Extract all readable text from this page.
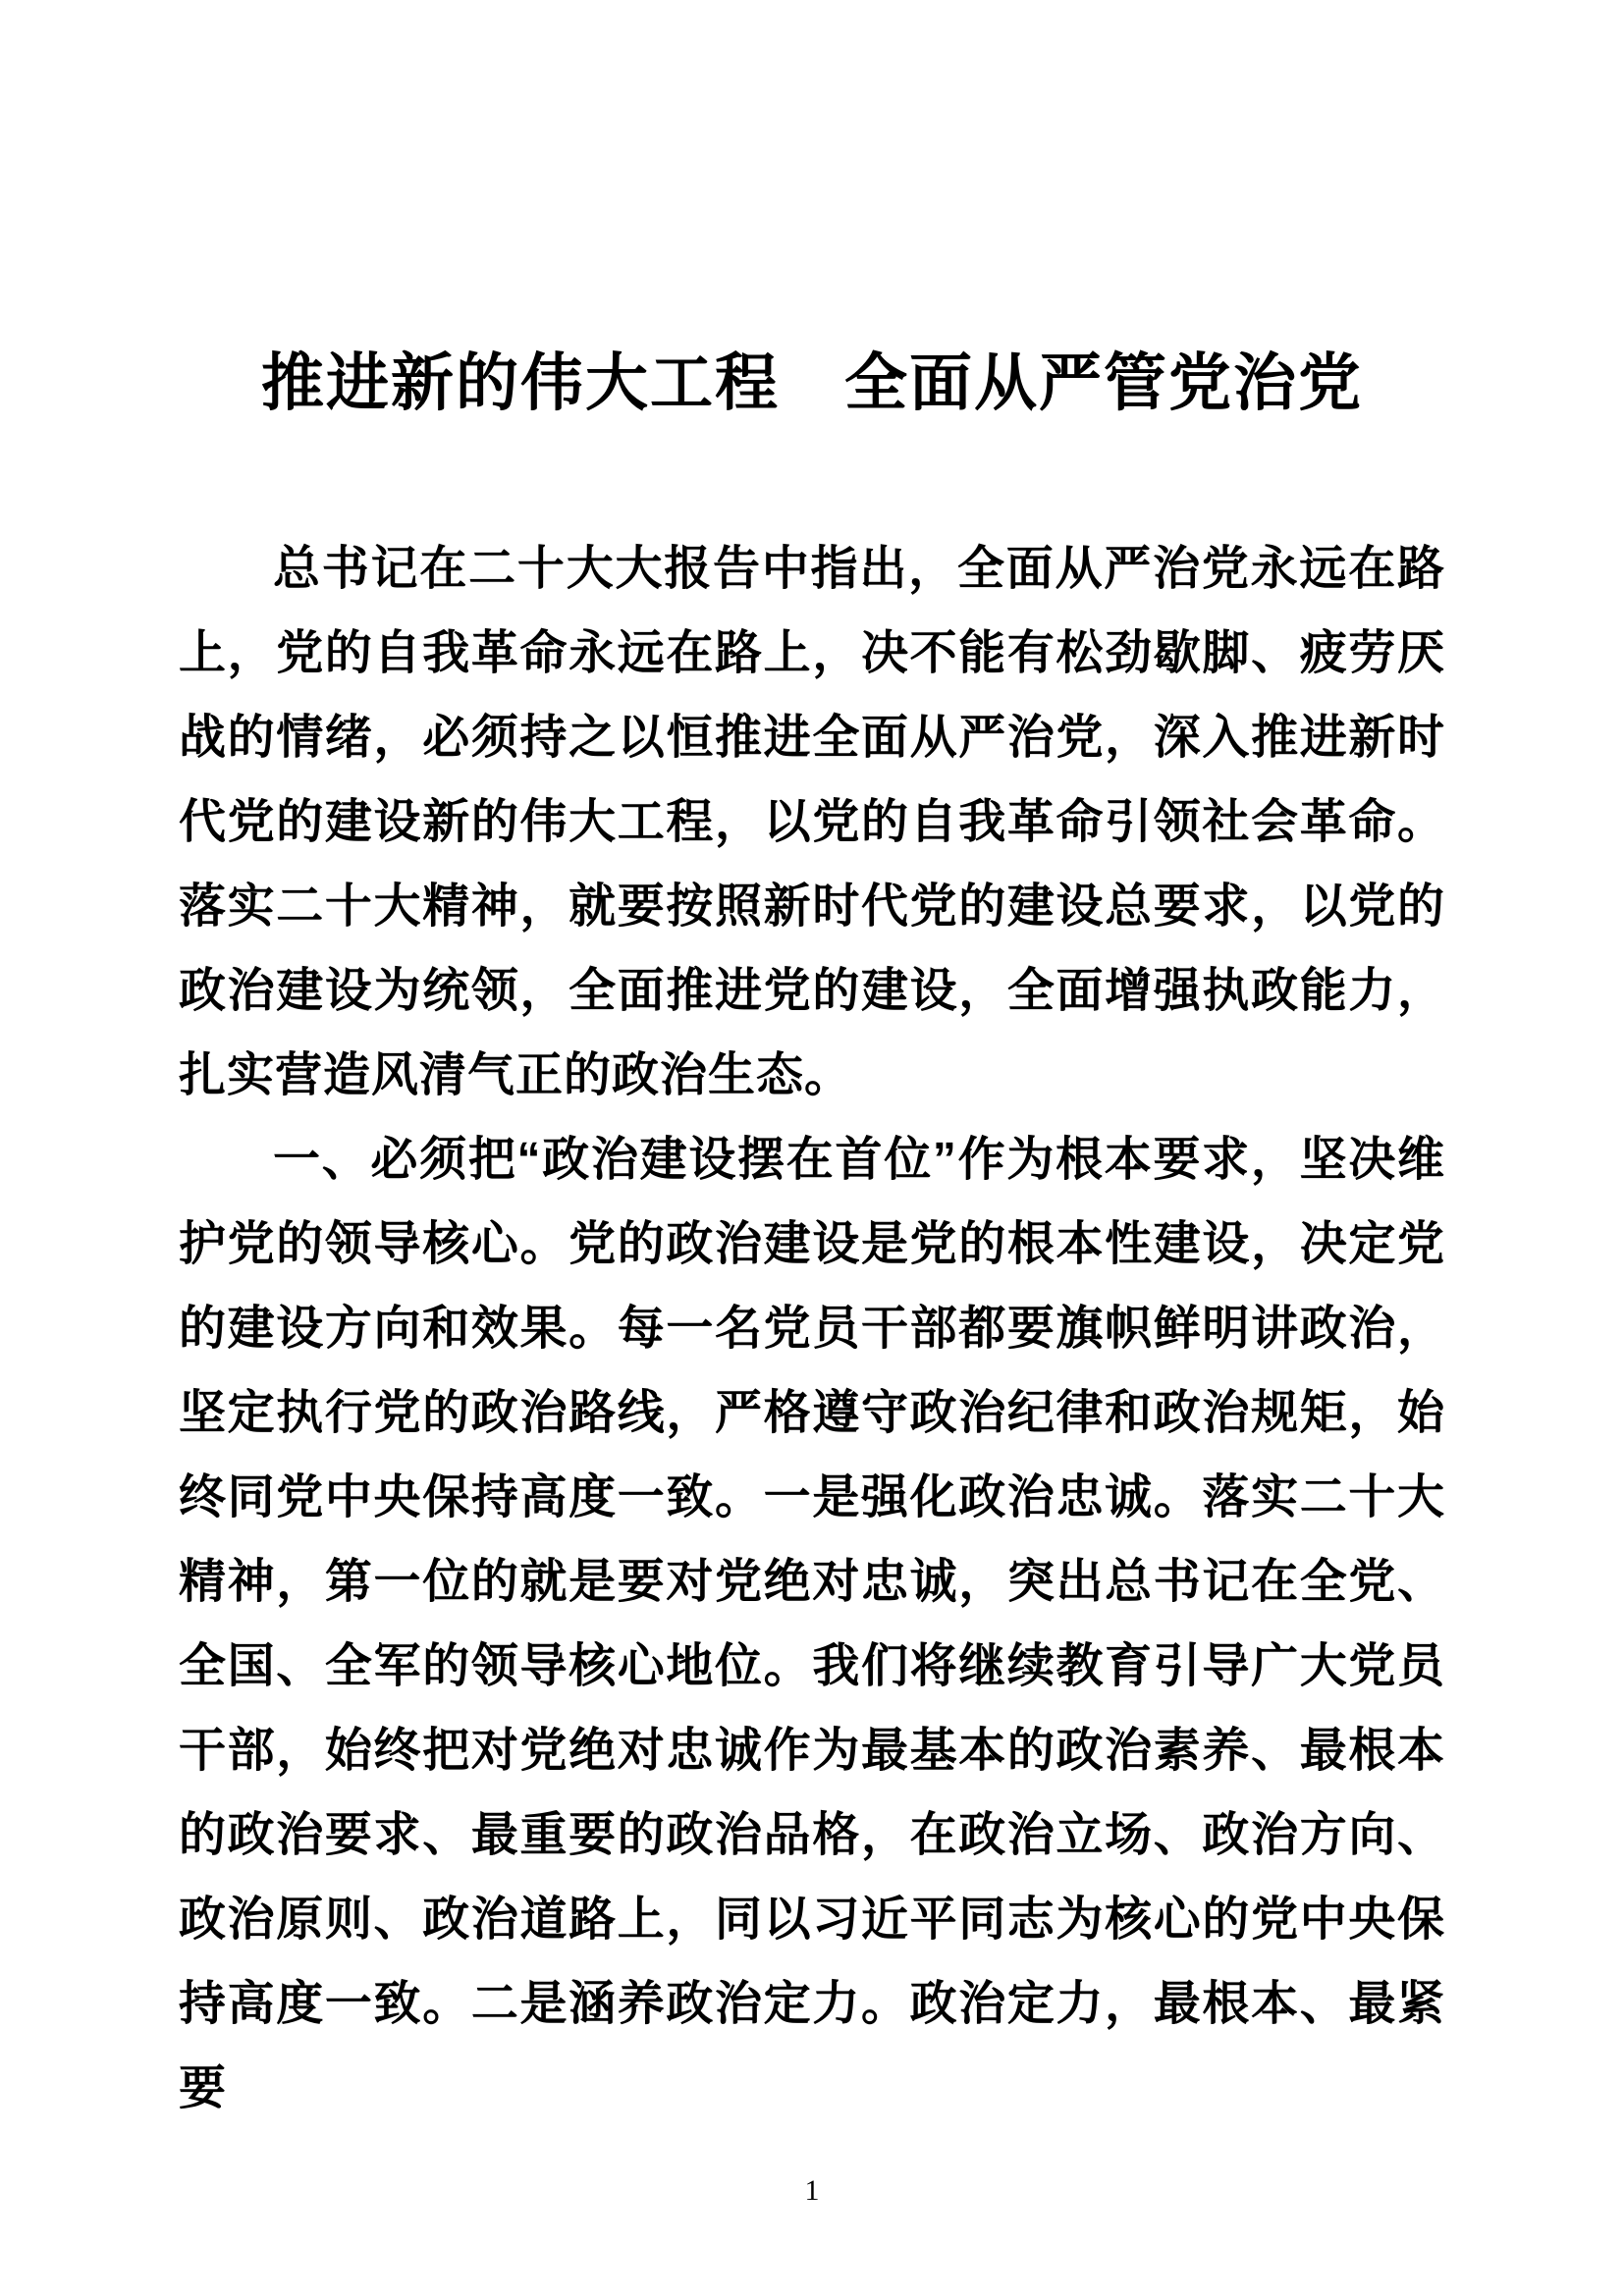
推进新的伟大工程　全面从严管党治党

总书记在二十大大报告中指出，全面从严治党永远在路上，党的自我革命永远在路上，决不能有松劲歇脚、疲劳厌战的情绪，必须持之以恒推进全面从严治党，深入推进新时代党的建设新的伟大工程，以党的自我革命引领社会革命。落实二十大精神，就要按照新时代党的建设总要求，以党的政治建设为统领，全面推进党的建设，全面增强执政能力，扎实营造风清气正的政治生态。

一、必须把“政治建设摆在首位”作为根本要求，坚决维护党的领导核心。党的政治建设是党的根本性建设，决定党的建设方向和效果。每一名党员干部都要旗帜鲜明讲政治，坚定执行党的政治路线，严格遵守政治纪律和政治规矩，始终同党中央保持高度一致。一是强化政治忠诚。落实二十大精神，第一位的就是要对党绝对忠诚，突出总书记在全党、全国、全军的领导核心地位。我们将继续教育引导广大党员干部，始终把对党绝对忠诚作为最基本的政治素养、最根本的政治要求、最重要的政治品格，在政治立场、政治方向、政治原则、政治道路上，同以习近平同志为核心的党中央保持高度一致。二是涵养政治定力。政治定力，最根本、最紧要

1
